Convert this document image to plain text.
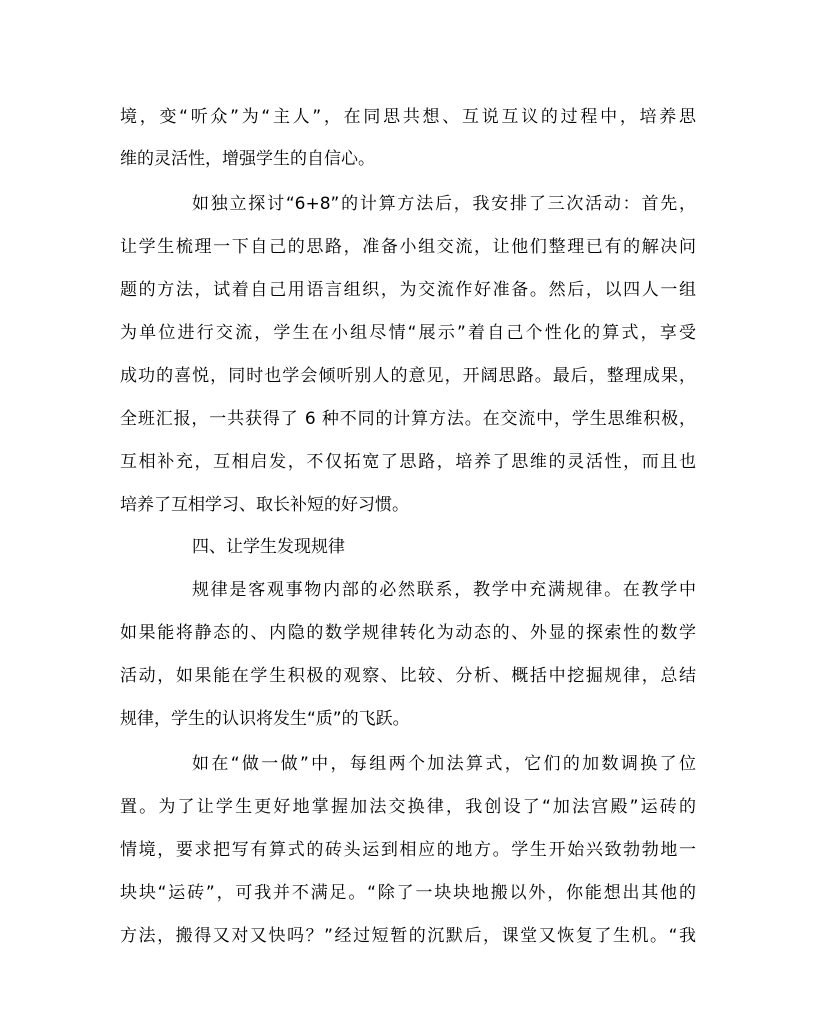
境，变“听众”为“主人”，在同思共想、互说互议的过程中，培养思
维的灵活性，增强学生的自信心。
如独立探讨“6+8”的计算方法后，我安排了三次活动：首先，
让学生梳理一下自己的思路，准备小组交流，让他们整理已有的解决问
题的方法，试着自己用语言组织，为交流作好准备。然后，以四人一组
为单位进行交流，学生在小组尽情“展示”着自己个性化的算式，享受
成功的喜悦，同时也学会倾听别人的意见，开阔思路。最后，整理成果，
全班汇报，一共获得了 6 种不同的计算方法。在交流中，学生思维积极，
互相补充，互相启发，不仅拓宽了思路，培养了思维的灵活性，而且也
培养了互相学习、取长补短的好习惯。
四、让学生发现规律
规律是客观事物内部的必然联系，教学中充满规律。在教学中
如果能将静态的、内隐的数学规律转化为动态的、外显的探索性的数学
活动，如果能在学生积极的观察、比较、分析、概括中挖掘规律，总结
规律，学生的认识将发生“质”的飞跃。
如在“做一做”中，每组两个加法算式，它们的加数调换了位
置。为了让学生更好地掌握加法交换律，我创设了“加法宫殿”运砖的
情境，要求把写有算式的砖头运到相应的地方。学生开始兴致勃勃地一
块块“运砖”，可我并不满足。“除了一块块地搬以外，你能想出其他的
方法，搬得又对又快吗？”经过短暂的沉默后，课堂又恢复了生机。“我
